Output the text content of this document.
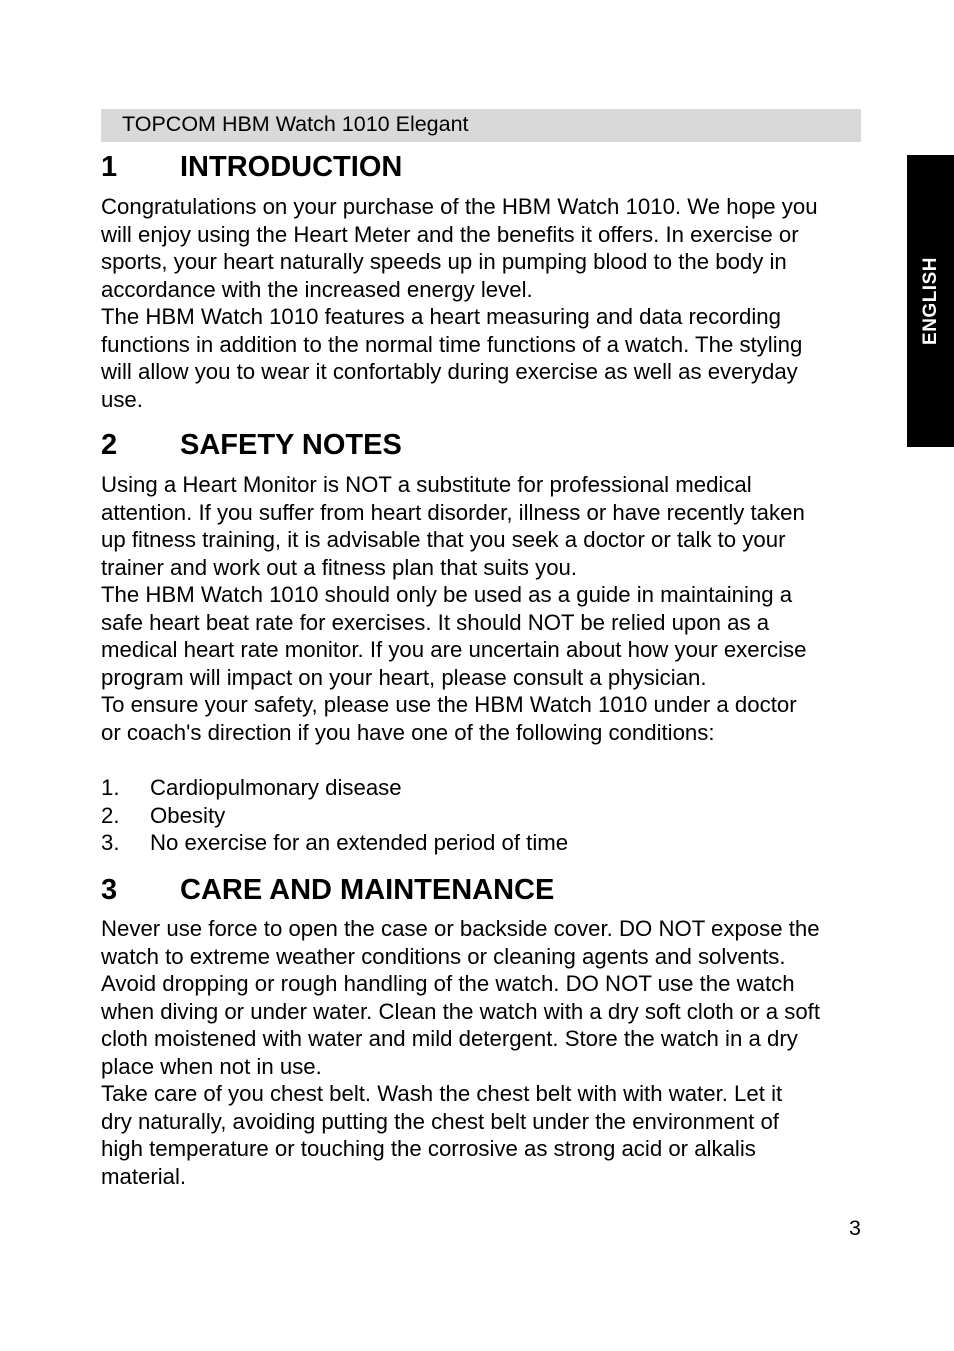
TOPCOM HBM Watch 1010 Elegant
ENGLISH
1 INTRODUCTION
Congratulations on your purchase of the HBM Watch 1010. We hope you
will enjoy using the Heart Meter and the benefits it offers. In exercise or
sports, your heart naturally speeds up in pumping blood to the body in
accordance with the increased energy level.
The HBM Watch 1010 features a heart measuring and data recording
functions in addition to the normal time functions of a watch. The styling
will allow you to wear it confortably during exercise as well as everyday
use.
2 SAFETY NOTES
Using a Heart Monitor is NOT a substitute for professional medical
attention. If you suffer from heart disorder, illness or have recently taken
up fitness training, it is advisable that you seek a doctor or talk to your
trainer and work out a fitness plan that suits you.
The HBM Watch 1010 should only be used as a guide in maintaining a
safe heart beat rate for exercises. It should NOT be relied upon as a
medical heart rate monitor. If you are uncertain about how your exercise
program will impact on your heart, please consult a physician.
To ensure your safety, please use the HBM Watch 1010 under a doctor
or coach's direction if you have one of the following conditions:
1. Cardiopulmonary disease
2. Obesity
3. No exercise for an extended period of time
3 CARE AND MAINTENANCE
Never use force to open the case or backside cover. DO NOT expose the
watch to extreme weather conditions or cleaning agents and solvents.
Avoid dropping or rough handling of the watch. DO NOT use the watch
when diving or under water. Clean the watch with a dry soft cloth or a soft
cloth moistened with water and mild detergent. Store the watch in a dry
place when not in use.
Take care of you chest belt. Wash the chest belt with with water. Let it
dry naturally, avoiding putting the chest belt under the environment of
high temperature or touching the corrosive as strong acid or alkalis
material.
3
